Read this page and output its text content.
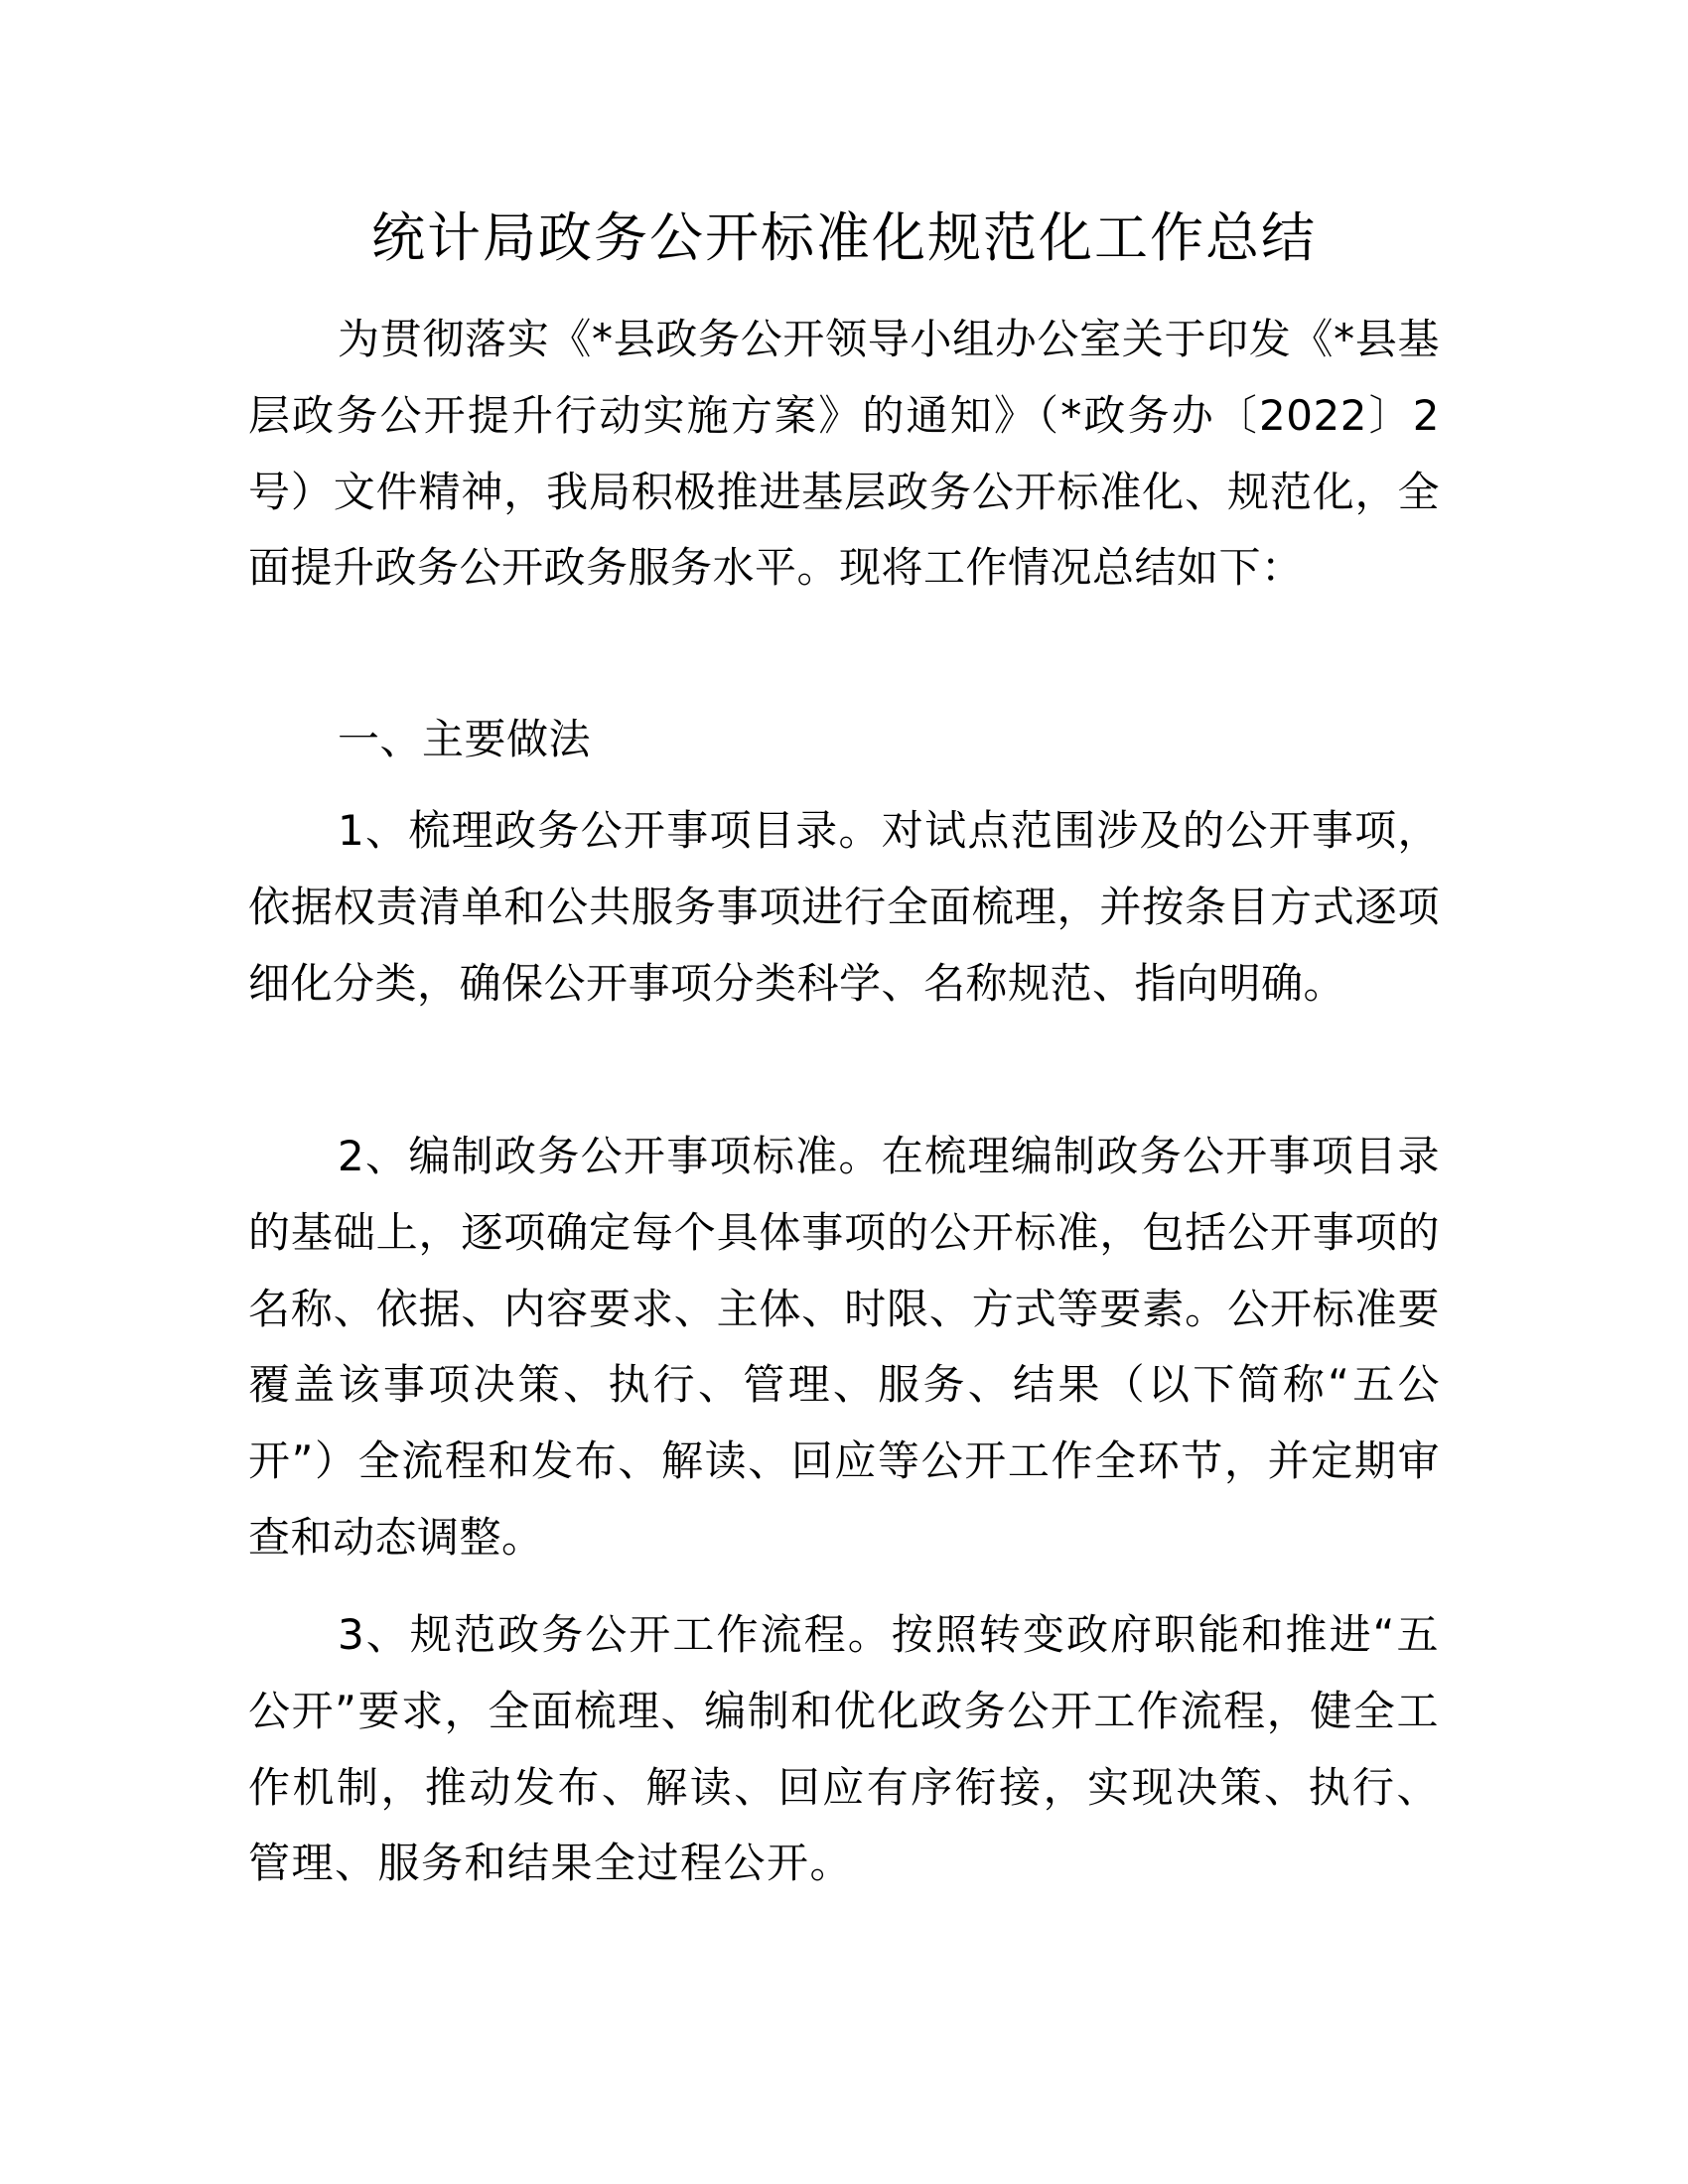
统计局政务公开标准化规范化工作总结

为贯彻落实《*县政务公开领导小组办公室关于印发《*县基层政务公开提升行动实施方案》的通知》（*政务办〔2022〕2号）文件精神，我局积极推进基层政务公开标准化、规范化，全面提升政务公开政务服务水平。现将工作情况总结如下：

一、主要做法

1、梳理政务公开事项目录。对试点范围涉及的公开事项，依据权责清单和公共服务事项进行全面梳理，并按条目方式逐项细化分类，确保公开事项分类科学、名称规范、指向明确。

2、编制政务公开事项标准。在梳理编制政务公开事项目录的基础上，逐项确定每个具体事项的公开标准，包括公开事项的名称、依据、内容要求、主体、时限、方式等要素。公开标准要覆盖该事项决策、执行、管理、服务、结果（以下简称“五公开”）全流程和发布、解读、回应等公开工作全环节，并定期审查和动态调整。

3、规范政务公开工作流程。按照转变政府职能和推进“五公开”要求，全面梳理、编制和优化政务公开工作流程，健全工作机制，推动发布、解读、回应有序衔接，实现决策、执行、管理、服务和结果全过程公开。
